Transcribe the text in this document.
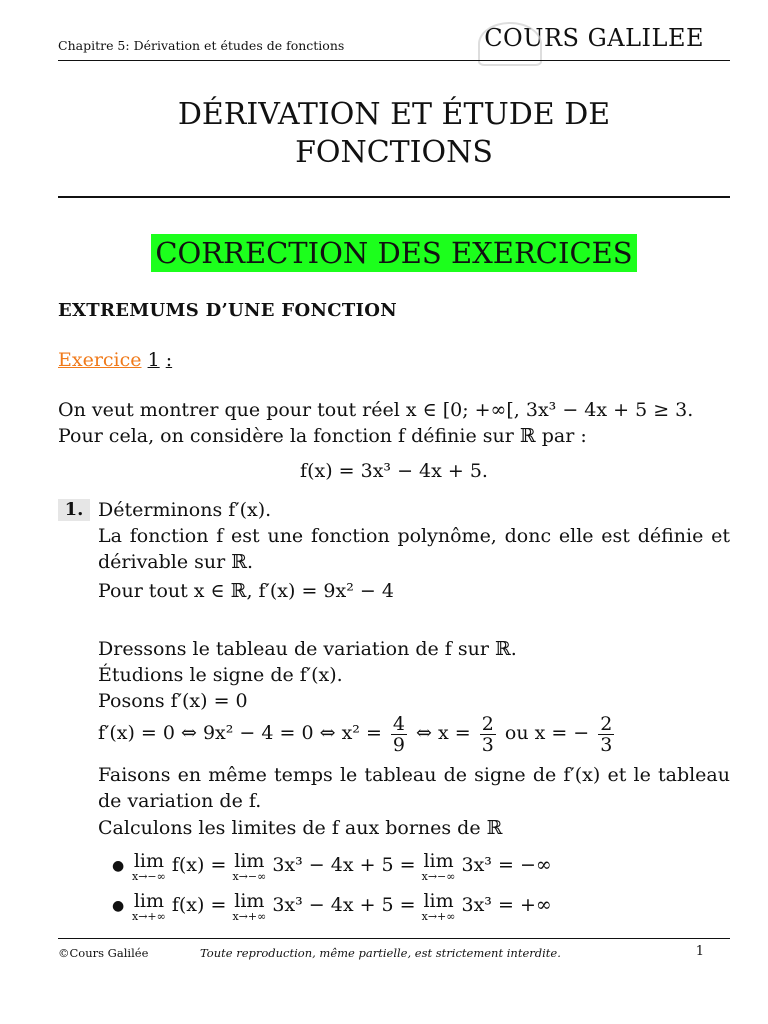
Chapitre 5: Dérivation et études de fonctions	COURS GALILEE
DÉRIVATION ET ÉTUDE DE
FONCTIONS
CORRECTION DES EXERCICES
EXTREMUMS D’UNE FONCTION
Exercice 1 :
On veut montrer que pour tout réel x ∈ [0; +∞[, 3x³ − 4x + 5 ≥ 3.
Pour cela, on considère la fonction f définie sur ℝ par :
f(x) = 3x³ − 4x + 5.
1. Déterminons f′(x).
La fonction f est une fonction polynôme, donc elle est définie et dérivable sur ℝ.
Pour tout x ∈ ℝ, f′(x) = 9x² − 4
Dressons le tableau de variation de f sur ℝ.
Étudions le signe de f′(x).
Posons f′(x) = 0
f′(x) = 0 ⇔ 9x² − 4 = 0 ⇔ $x^2 = \frac{4}{9}$ ⇔ $x = \frac{2}{3}$ ou x = − $\frac{2}{3}$
Faisons en même temps le tableau de signe de f′(x) et le tableau de variation de f.
Calculons les limites de f aux bornes de ℝ
● lim
x→−∞
f(x) = lim
x→−∞
3x³ − 4x + 5 = lim
x→−∞
3x³ = −∞
● lim
x→+∞
f(x) = lim
x→+∞
3x³ − 4x + 5 = lim
x→+∞
3x³ = +∞
©Cours Galilée	Toute reproduction, même partielle, est strictement interdite.	1
